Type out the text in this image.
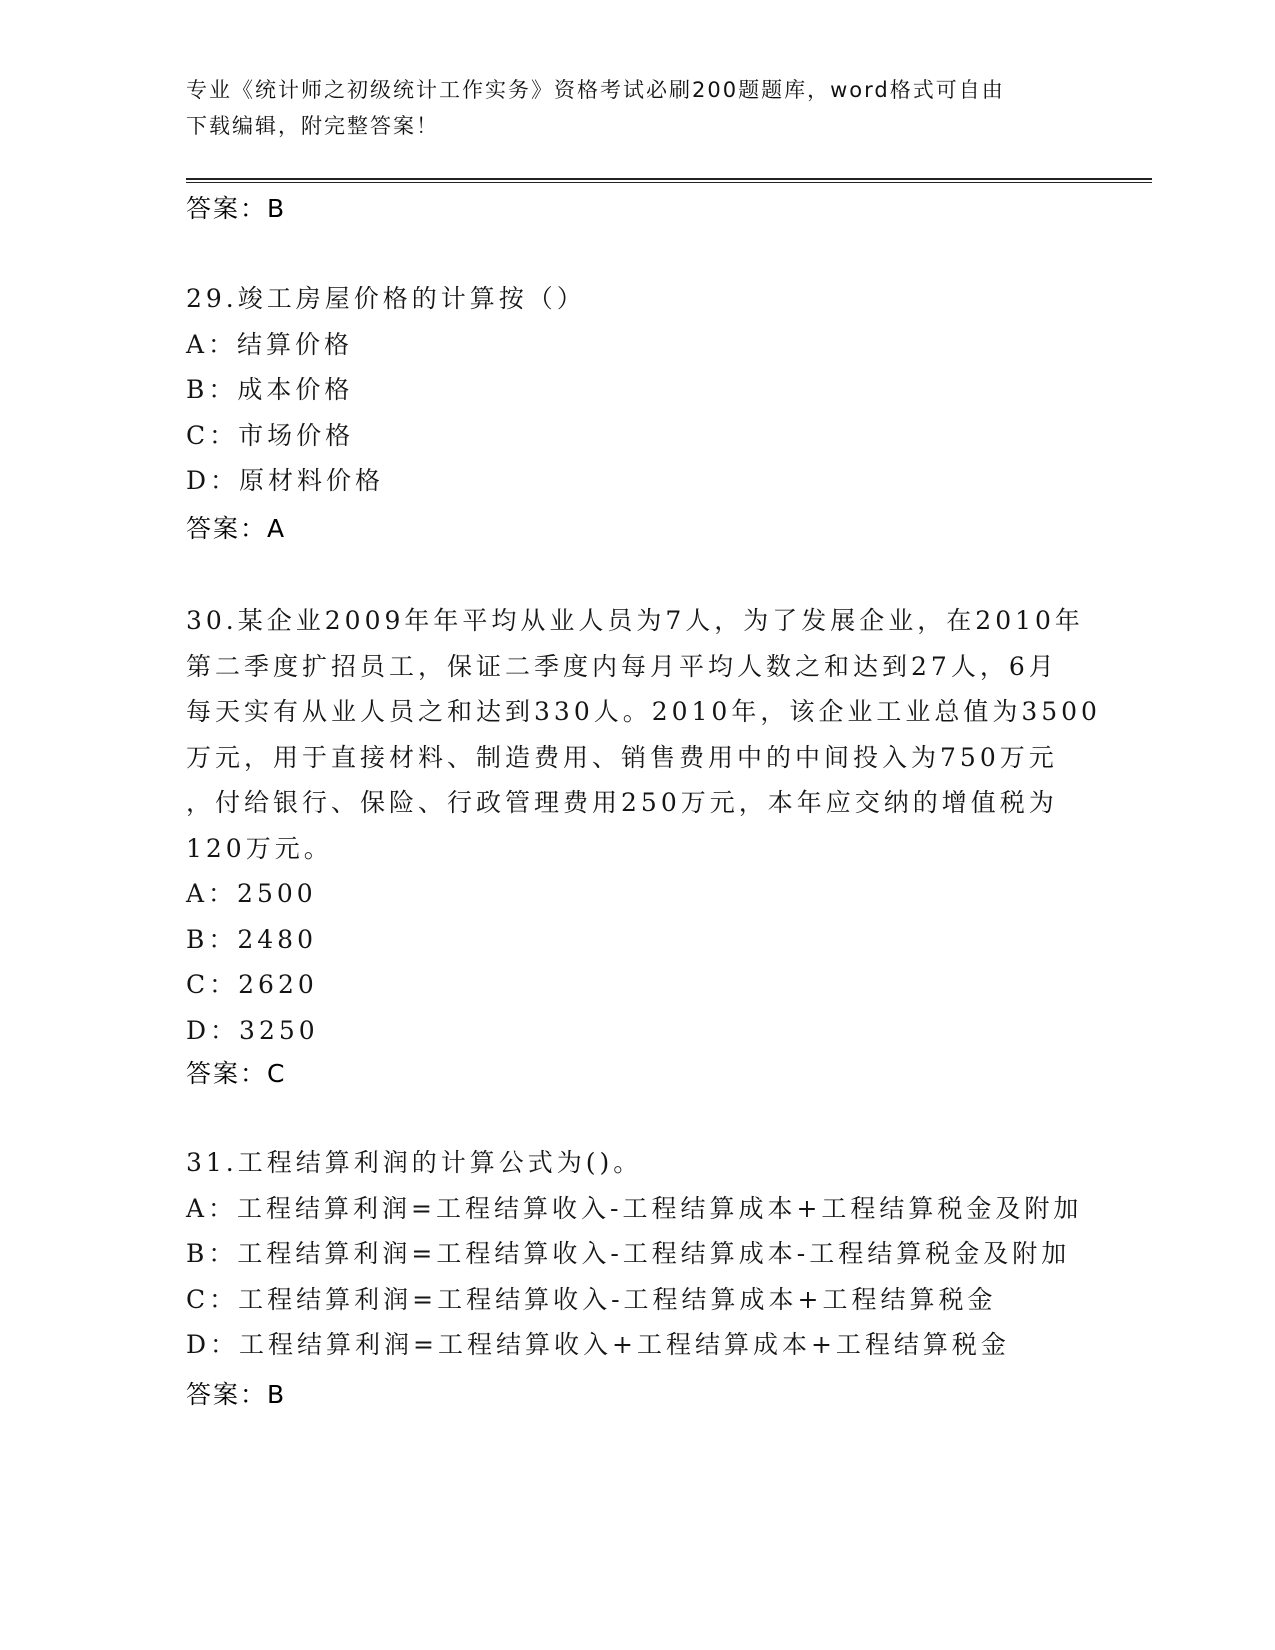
专业《统计师之初级统计工作实务》资格考试必刷200题题库，word格式可自由
下载编辑，附完整答案！
答案：B
29.竣工房屋价格的计算按（）
A：结算价格
B：成本价格
C：市场价格
D：原材料价格
答案：A
30.某企业2009年年平均从业人员为7人，为了发展企业，在2010年
第二季度扩招员工，保证二季度内每月平均人数之和达到27人，6月
每天实有从业人员之和达到330人。2010年，该企业工业总值为3500
万元，用于直接材料、制造费用、销售费用中的中间投入为750万元
，付给银行、保险、行政管理费用250万元，本年应交纳的增值税为
120万元。
A：2500
B：2480
C：2620
D：3250
答案：C
31.工程结算利润的计算公式为()。
A：工程结算利润=工程结算收入-工程结算成本+工程结算税金及附加
B：工程结算利润=工程结算收入-工程结算成本-工程结算税金及附加
C：工程结算利润=工程结算收入-工程结算成本+工程结算税金
D：工程结算利润=工程结算收入+工程结算成本+工程结算税金
答案：B
